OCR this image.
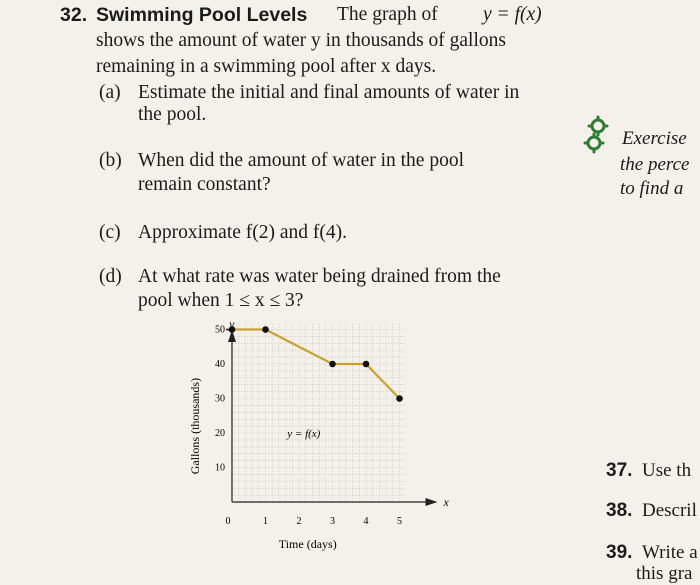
32. Swimming Pool Levels The graph of y = f(x)
shows the amount of water y in thousands of gallons
remaining in a swimming pool after x days.
(a) Estimate the initial and final amounts of water in
the pool.
(b) When did the amount of water in the pool
remain constant?
(c) Approximate f(2) and f(4).
(d) At what rate was water being drained from the
pool when 1 ≤ x ≤ 3?
Exercise
the perce
to find a
37. Use th
38. Descril
39. Write a
this gra
x
y
0	1	2	3	4	5
10
20
30
40
50
Time (days)
Gallons (thousands)	y = f(x)
